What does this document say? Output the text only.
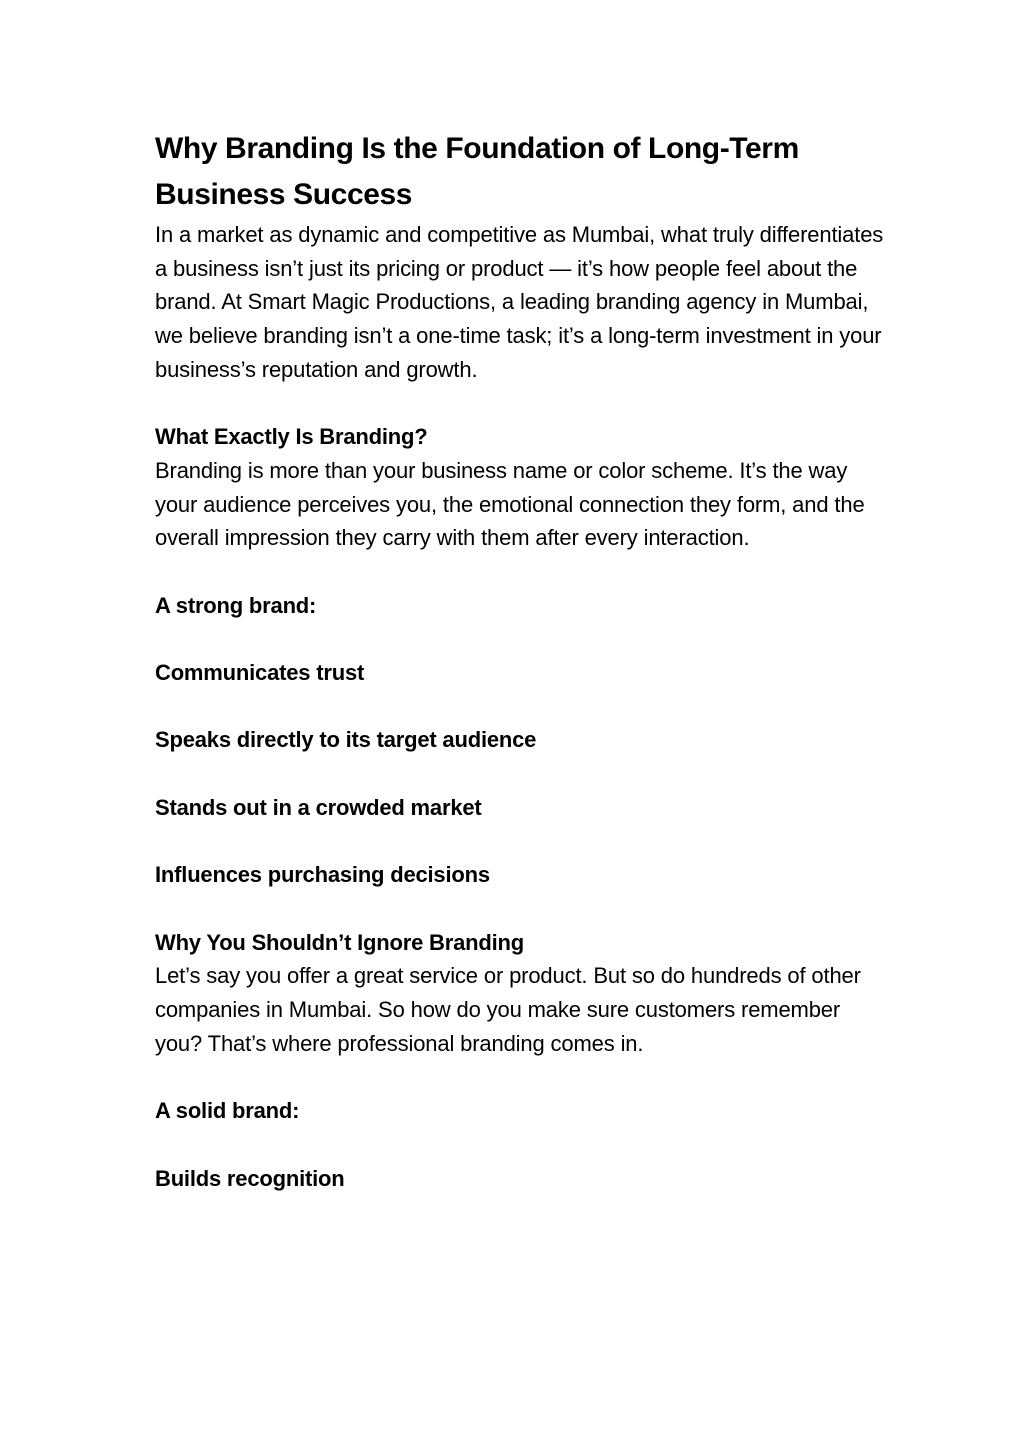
Why Branding Is the Foundation of Long-Term Business Success

In a market as dynamic and competitive as Mumbai, what truly differentiates a business isn’t just its pricing or product — it’s how people feel about the brand. At Smart Magic Productions, a leading branding agency in Mumbai, we believe branding isn’t a one-time task; it’s a long-term investment in your business’s reputation and growth.

What Exactly Is Branding?

Branding is more than your business name or color scheme. It’s the way your audience perceives you, the emotional connection they form, and the overall impression they carry with them after every interaction.

A strong brand:

Communicates trust

Speaks directly to its target audience

Stands out in a crowded market

Influences purchasing decisions

Why You Shouldn’t Ignore Branding

Let’s say you offer a great service or product. But so do hundreds of other companies in Mumbai. So how do you make sure customers remember you? That’s where professional branding comes in.

A solid brand:

Builds recognition
